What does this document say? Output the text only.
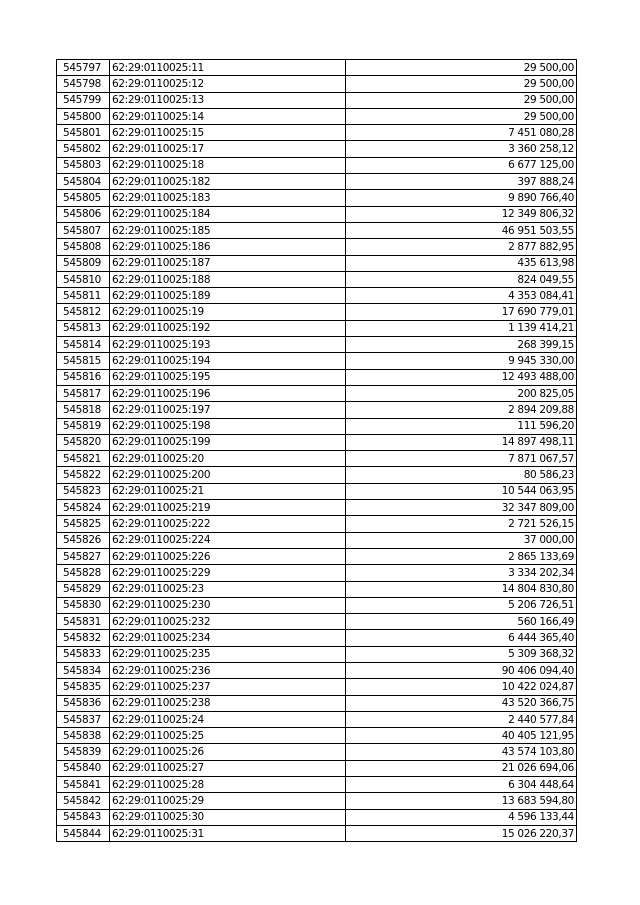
545797	62:29:0110025:11	29 500,00
545798	62:29:0110025:12	29 500,00
545799	62:29:0110025:13	29 500,00
545800	62:29:0110025:14	29 500,00
545801	62:29:0110025:15	7 451 080,28
545802	62:29:0110025:17	3 360 258,12
545803	62:29:0110025:18	6 677 125,00
545804	62:29:0110025:182	397 888,24
545805	62:29:0110025:183	9 890 766,40
545806	62:29:0110025:184	12 349 806,32
545807	62:29:0110025:185	46 951 503,55
545808	62:29:0110025:186	2 877 882,95
545809	62:29:0110025:187	435 613,98
545810	62:29:0110025:188	824 049,55
545811	62:29:0110025:189	4 353 084,41
545812	62:29:0110025:19	17 690 779,01
545813	62:29:0110025:192	1 139 414,21
545814	62:29:0110025:193	268 399,15
545815	62:29:0110025:194	9 945 330,00
545816	62:29:0110025:195	12 493 488,00
545817	62:29:0110025:196	200 825,05
545818	62:29:0110025:197	2 894 209,88
545819	62:29:0110025:198	111 596,20
545820	62:29:0110025:199	14 897 498,11
545821	62:29:0110025:20	7 871 067,57
545822	62:29:0110025:200	80 586,23
545823	62:29:0110025:21	10 544 063,95
545824	62:29:0110025:219	32 347 809,00
545825	62:29:0110025:222	2 721 526,15
545826	62:29:0110025:224	37 000,00
545827	62:29:0110025:226	2 865 133,69
545828	62:29:0110025:229	3 334 202,34
545829	62:29:0110025:23	14 804 830,80
545830	62:29:0110025:230	5 206 726,51
545831	62:29:0110025:232	560 166,49
545832	62:29:0110025:234	6 444 365,40
545833	62:29:0110025:235	5 309 368,32
545834	62:29:0110025:236	90 406 094,40
545835	62:29:0110025:237	10 422 024,87
545836	62:29:0110025:238	43 520 366,75
545837	62:29:0110025:24	2 440 577,84
545838	62:29:0110025:25	40 405 121,95
545839	62:29:0110025:26	43 574 103,80
545840	62:29:0110025:27	21 026 694,06
545841	62:29:0110025:28	6 304 448,64
545842	62:29:0110025:29	13 683 594,80
545843	62:29:0110025:30	4 596 133,44
545844	62:29:0110025:31	15 026 220,37
